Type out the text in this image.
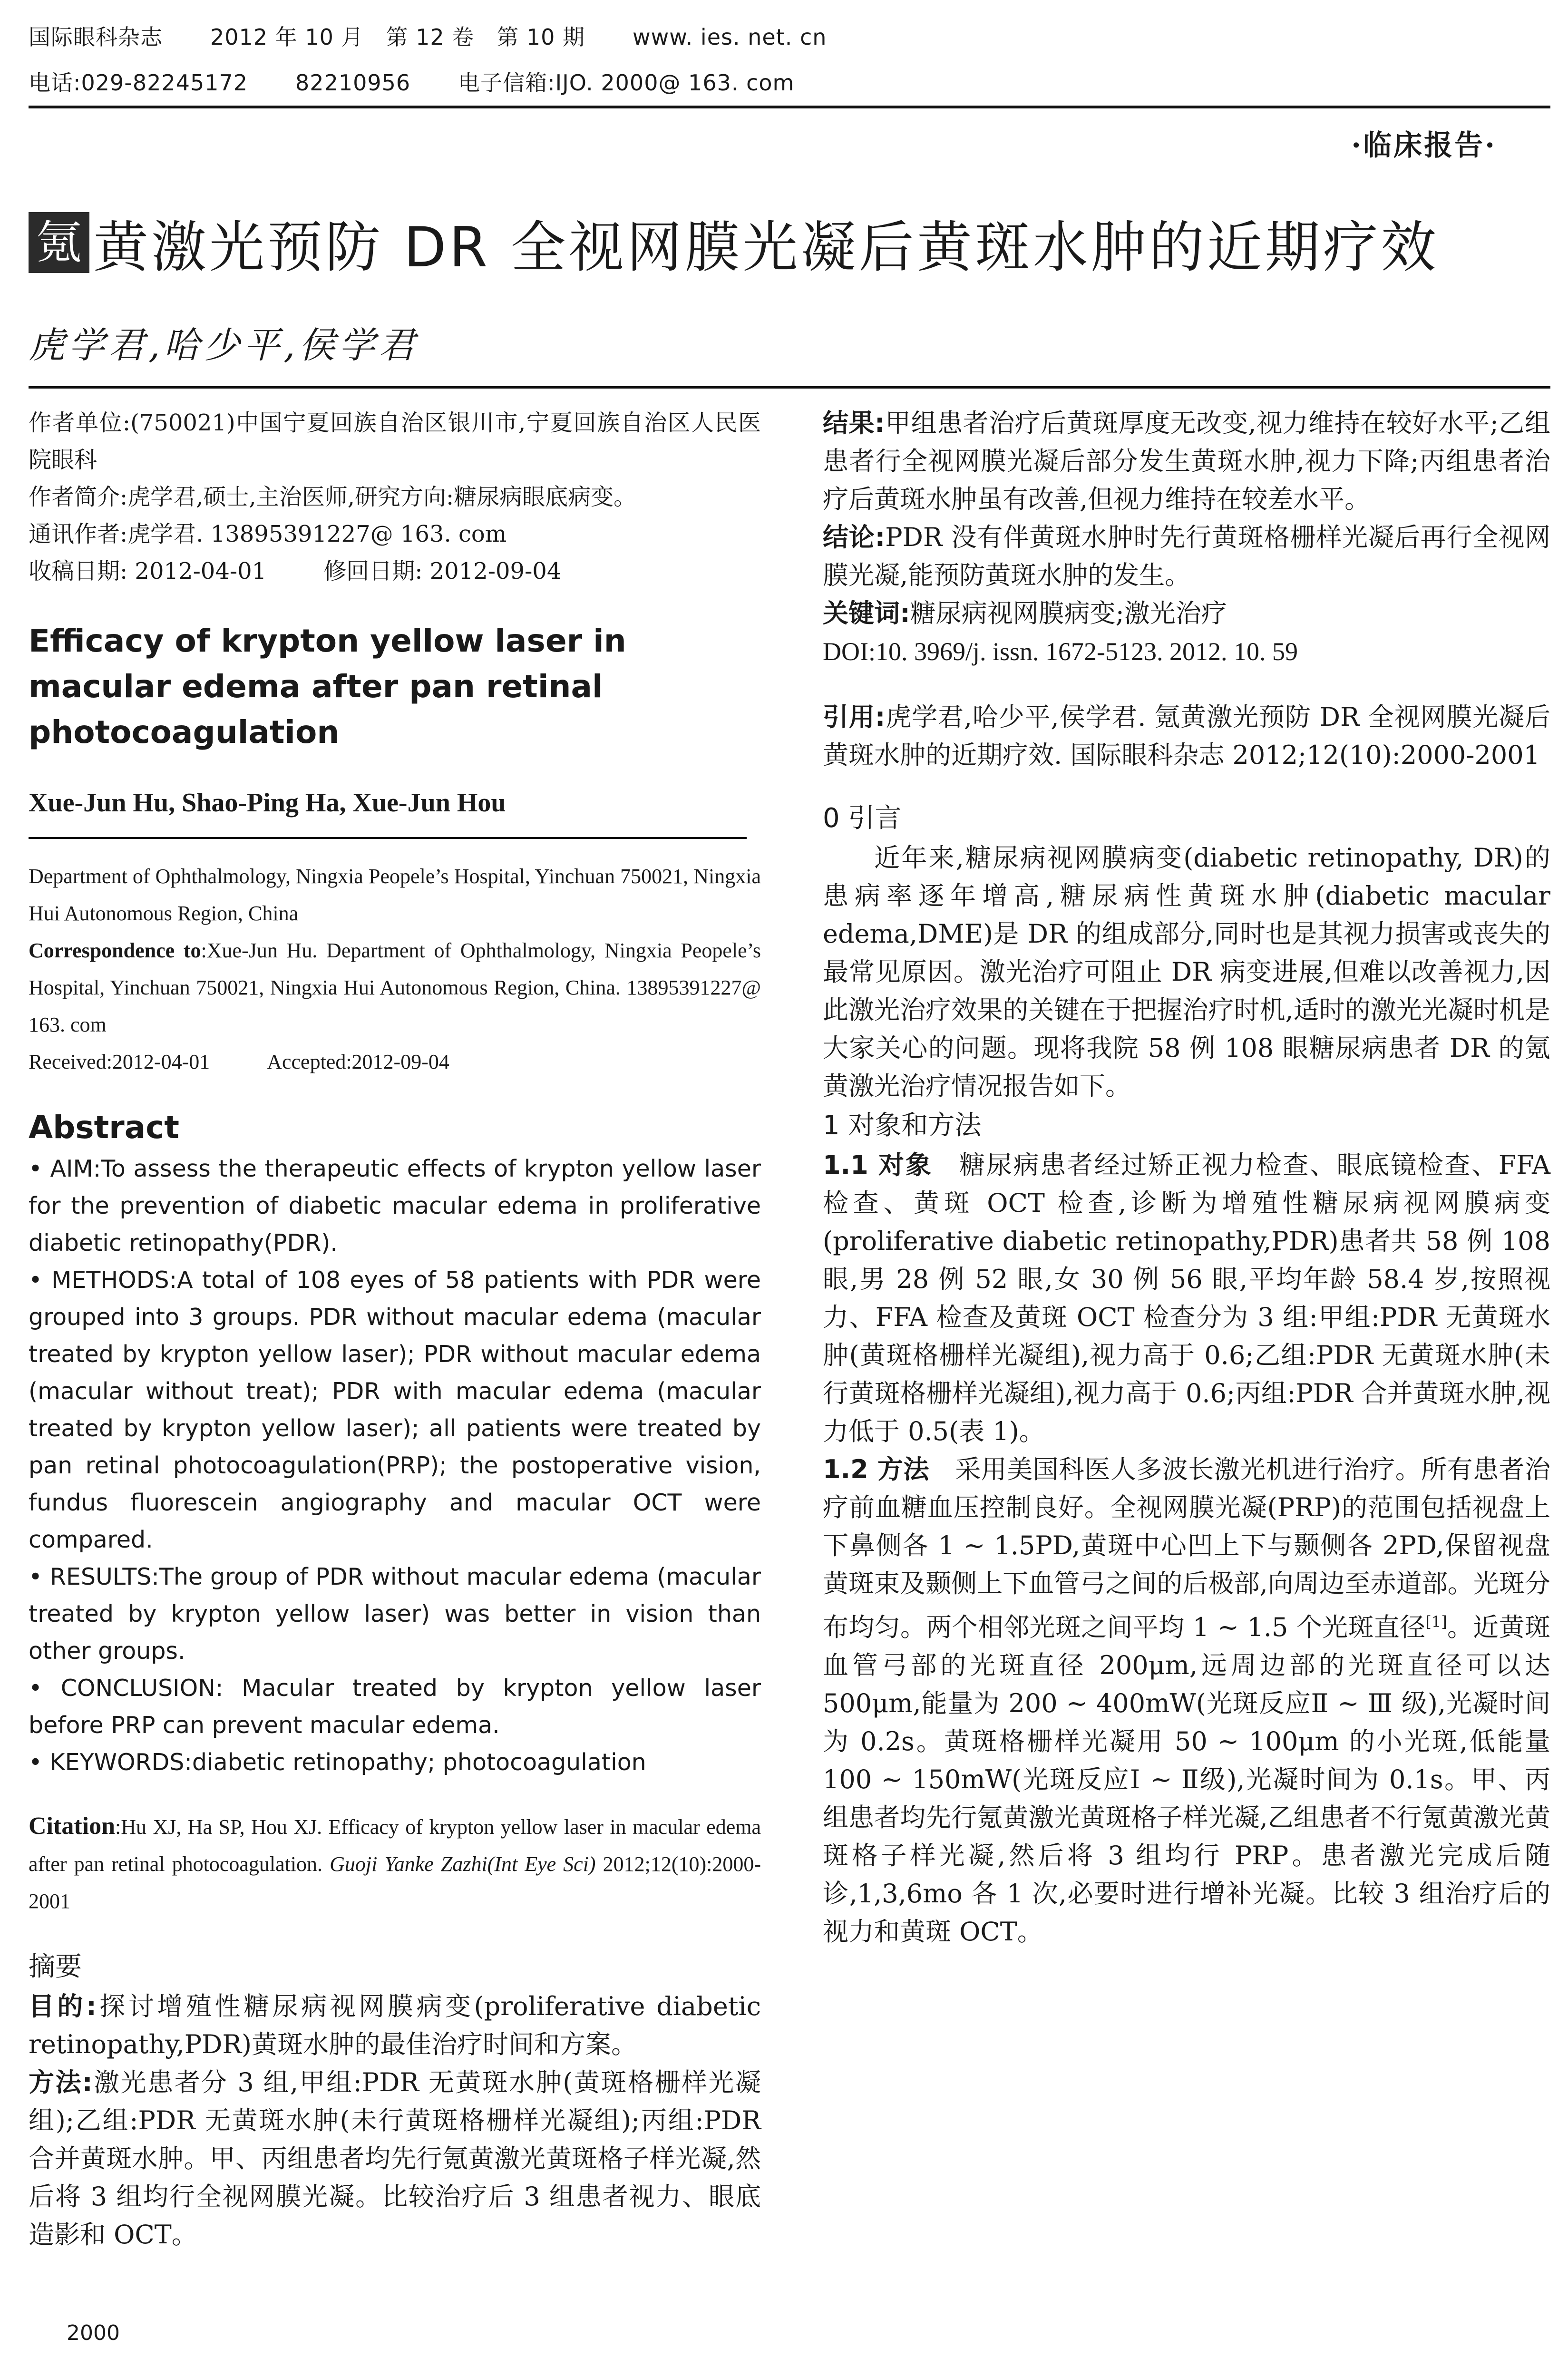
国际眼科杂志 2012 年 10 月　第 12 卷　第 10 期 www. ies. net. cn
电话:029-82245172 82210956 电子信箱:IJO. 2000@ 163. com
·临床报告·
氪 黄激光预防 DR 全视网膜光凝后黄斑水肿的近期疗效
虎学君,哈少平,侯学君

作者单位:(750021)中国宁夏回族自治区银川市,宁夏回族自治区人民医院眼科

作者简介:虎学君,硕士,主治医师,研究方向:糖尿病眼底病变。

通讯作者:虎学君. 13895391227@ 163. com

收稿日期: 2012-04-01	修回日期: 2012-09-04

Efficacy of krypton yellow laser in macular edema after pan retinal photocoagulation
Xue-Jun Hu, Shao-Ping Ha, Xue-Jun Hou

Department of Ophthalmology, Ningxia Peopele’s Hospital, Yinchuan 750021, Ningxia Hui Autonomous Region, China

Correspondence to:Xue-Jun Hu. Department of Ophthalmology, Ningxia Peopele’s Hospital, Yinchuan 750021, Ningxia Hui Autonomous Region, China. 13895391227@ 163. com

Received:2012-04-01	Accepted:2012-09-04

Abstract

• AIM:To assess the therapeutic effects of krypton yellow laser for the prevention of diabetic macular edema in proliferative diabetic retinopathy(PDR).

• METHODS:A total of 108 eyes of 58 patients with PDR were grouped into 3 groups. PDR without macular edema (macular treated by krypton yellow laser); PDR without macular edema (macular without treat); PDR with macular edema (macular treated by krypton yellow laser); all patients were treated by pan retinal photocoagulation(PRP); the postoperative vision, fundus fluorescein angiography and macular OCT were compared.

• RESULTS:The group of PDR without macular edema (macular treated by krypton yellow laser) was better in vision than other groups.

• CONCLUSION: Macular treated by krypton yellow laser before PRP can prevent macular edema.

• KEYWORDS:diabetic retinopathy; photocoagulation

Citation:Hu XJ, Ha SP, Hou XJ. Efficacy of krypton yellow laser in macular edema after pan retinal photocoagulation. Guoji Yanke Zazhi(Int Eye Sci) 2012;12(10):2000-2001

摘要

目的:探讨增殖性糖尿病视网膜病变(proliferative diabetic retinopathy,PDR)黄斑水肿的最佳治疗时间和方案。

方法:激光患者分 3 组,甲组:PDR 无黄斑水肿(黄斑格栅样光凝组);乙组:PDR 无黄斑水肿(未行黄斑格栅样光凝组);丙组:PDR 合并黄斑水肿。甲、丙组患者均先行氪黄激光黄斑格子样光凝,然后将 3 组均行全视网膜光凝。比较治疗后 3 组患者视力、眼底造影和 OCT。

结果:甲组患者治疗后黄斑厚度无改变,视力维持在较好水平;乙组患者行全视网膜光凝后部分发生黄斑水肿,视力下降;丙组患者治疗后黄斑水肿虽有改善,但视力维持在较差水平。

结论:PDR 没有伴黄斑水肿时先行黄斑格栅样光凝后再行全视网膜光凝,能预防黄斑水肿的发生。

关键词:糖尿病视网膜病变;激光治疗

DOI:10. 3969/j. issn. 1672-5123. 2012. 10. 59

引用:虎学君,哈少平,侯学君. 氪黄激光预防 DR 全视网膜光凝后黄斑水肿的近期疗效. 国际眼科杂志 2012;12(10):2000-2001

0 引言

近年来,糖尿病视网膜病变(diabetic retinopathy, DR)的患病率逐年增高,糖尿病性黄斑水肿(diabetic macular edema,DME)是 DR 的组成部分,同时也是其视力损害或丧失的最常见原因。激光治疗可阻止 DR 病变进展,但难以改善视力,因此激光治疗效果的关键在于把握治疗时机,适时的激光光凝时机是大家关心的问题。现将我院 58 例 108 眼糖尿病患者 DR 的氪黄激光治疗情况报告如下。

1 对象和方法

1.1 对象　 糖尿病患者经过矫正视力检查、眼底镜检查、FFA 检查、黄斑 OCT 检查,诊断为增殖性糖尿病视网膜病变(proliferative diabetic retinopathy,PDR)患者共 58 例 108 眼,男 28 例 52 眼,女 30 例 56 眼,平均年龄 58.4 岁,按照视力、FFA 检查及黄斑 OCT 检查分为 3 组:甲组:PDR 无黄斑水肿(黄斑格栅样光凝组),视力高于 0.6;乙组:PDR 无黄斑水肿(未行黄斑格栅样光凝组),视力高于 0.6;丙组:PDR 合并黄斑水肿,视力低于 0.5(表 1)。

1.2 方法　 采用美国科医人多波长激光机进行治疗。所有患者治疗前血糖血压控制良好。全视网膜光凝(PRP)的范围包括视盘上下鼻侧各 1 ~ 1.5PD,黄斑中心凹上下与颞侧各 2PD,保留视盘黄斑束及颞侧上下血管弓之间的后极部,向周边至赤道部。光斑分布均匀。两个相邻光斑之间平均 1 ~ 1.5 个光斑直径[1]。近黄斑血管弓部的光斑直径 200μm,远周边部的光斑直径可以达 500μm,能量为 200 ~ 400mW(光斑反应Ⅱ ~ Ⅲ 级),光凝时间为 0.2s。黄斑格栅样光凝用 50 ~ 100μm 的小光斑,低能量 100 ~ 150mW(光斑反应Ⅰ ~ Ⅱ级),光凝时间为 0.1s。甲、丙组患者均先行氪黄激光黄斑格子样光凝,乙组患者不行氪黄激光黄斑格子样光凝,然后将 3 组均行 PRP。患者激光完成后随诊,1,3,6mo 各 1 次,必要时进行增补光凝。比较 3 组治疗后的视力和黄斑 OCT。

2000
